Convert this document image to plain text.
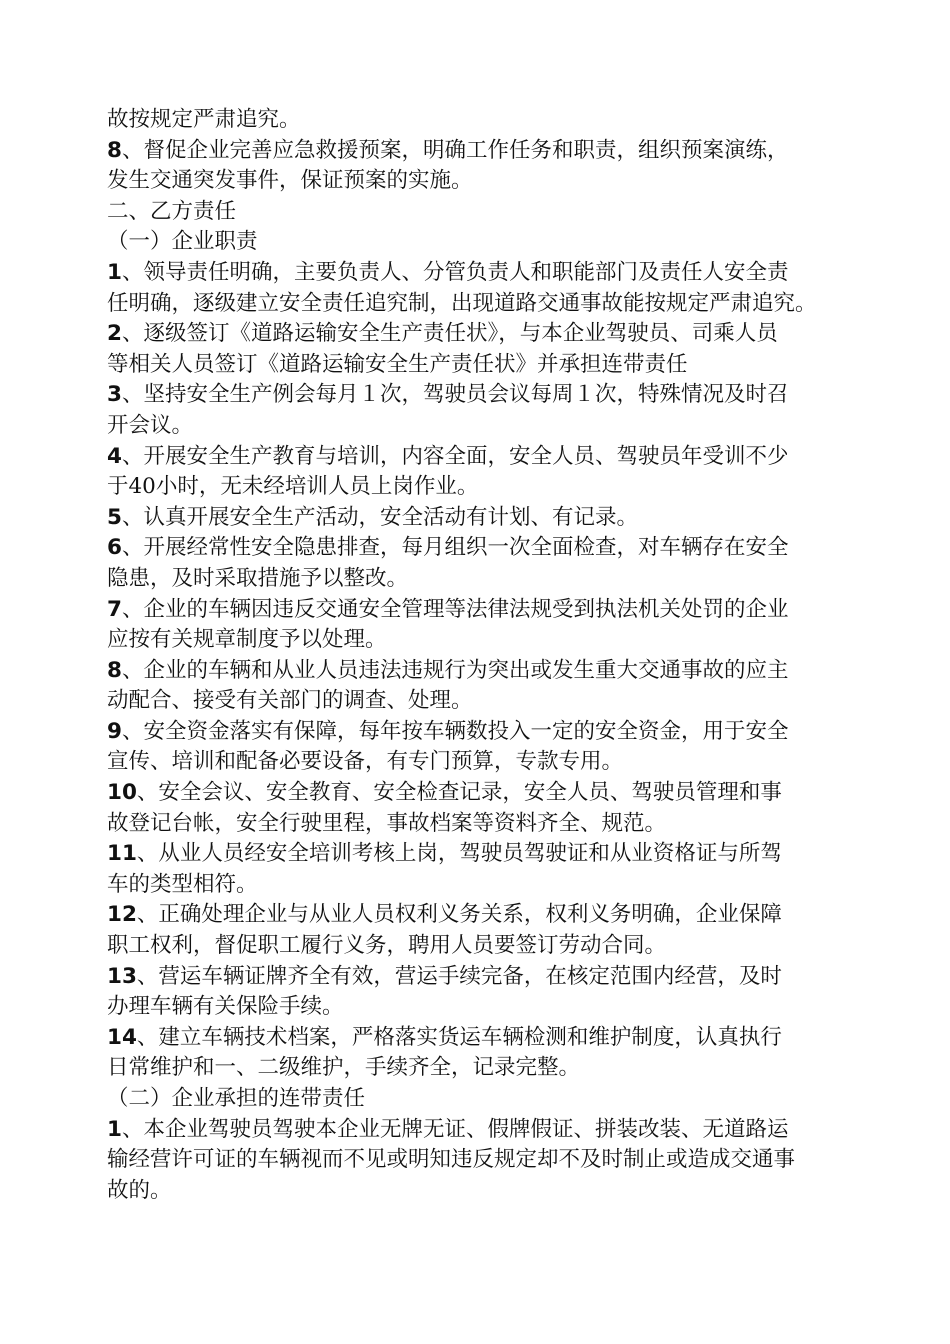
故按规定严肃追究。
8、督促企业完善应急救援预案，明确工作任务和职责，组织预案演练，
发生交通突发事件，保证预案的实施。
二、乙方责任
（一）企业职责
1、领导责任明确，主要负责人、分管负责人和职能部门及责任人安全责
任明确，逐级建立安全责任追究制，出现道路交通事故能按规定严肃追究。
2、逐级签订《道路运输安全生产责任状》，与本企业驾驶员、司乘人员
等相关人员签订《道路运输安全生产责任状》并承担连带责任
3、坚持安全生产例会每月１次，驾驶员会议每周１次，特殊情况及时召
开会议。
4、开展安全生产教育与培训，内容全面，安全人员、驾驶员年受训不少
于40小时，无未经培训人员上岗作业。
5、认真开展安全生产活动，安全活动有计划、有记录。
6、开展经常性安全隐患排查，每月组织一次全面检查，对车辆存在安全
隐患，及时采取措施予以整改。
7、企业的车辆因违反交通安全管理等法律法规受到执法机关处罚的企业
应按有关规章制度予以处理。
8、企业的车辆和从业人员违法违规行为突出或发生重大交通事故的应主
动配合、接受有关部门的调查、处理。
9、安全资金落实有保障，每年按车辆数投入一定的安全资金，用于安全
宣传、培训和配备必要设备，有专门预算，专款专用。
10、安全会议、安全教育、安全检查记录，安全人员、驾驶员管理和事
故登记台帐，安全行驶里程，事故档案等资料齐全、规范。
11、从业人员经安全培训考核上岗，驾驶员驾驶证和从业资格证与所驾
车的类型相符。
12、正确处理企业与从业人员权利义务关系，权利义务明确，企业保障
职工权利，督促职工履行义务，聘用人员要签订劳动合同。
13、营运车辆证牌齐全有效，营运手续完备，在核定范围内经营，及时
办理车辆有关保险手续。
14、建立车辆技术档案，严格落实货运车辆检测和维护制度，认真执行
日常维护和一、二级维护，手续齐全，记录完整。
（二）企业承担的连带责任
1、本企业驾驶员驾驶本企业无牌无证、假牌假证、拼装改装、无道路运
输经营许可证的车辆视而不见或明知违反规定却不及时制止或造成交通事
故的。
